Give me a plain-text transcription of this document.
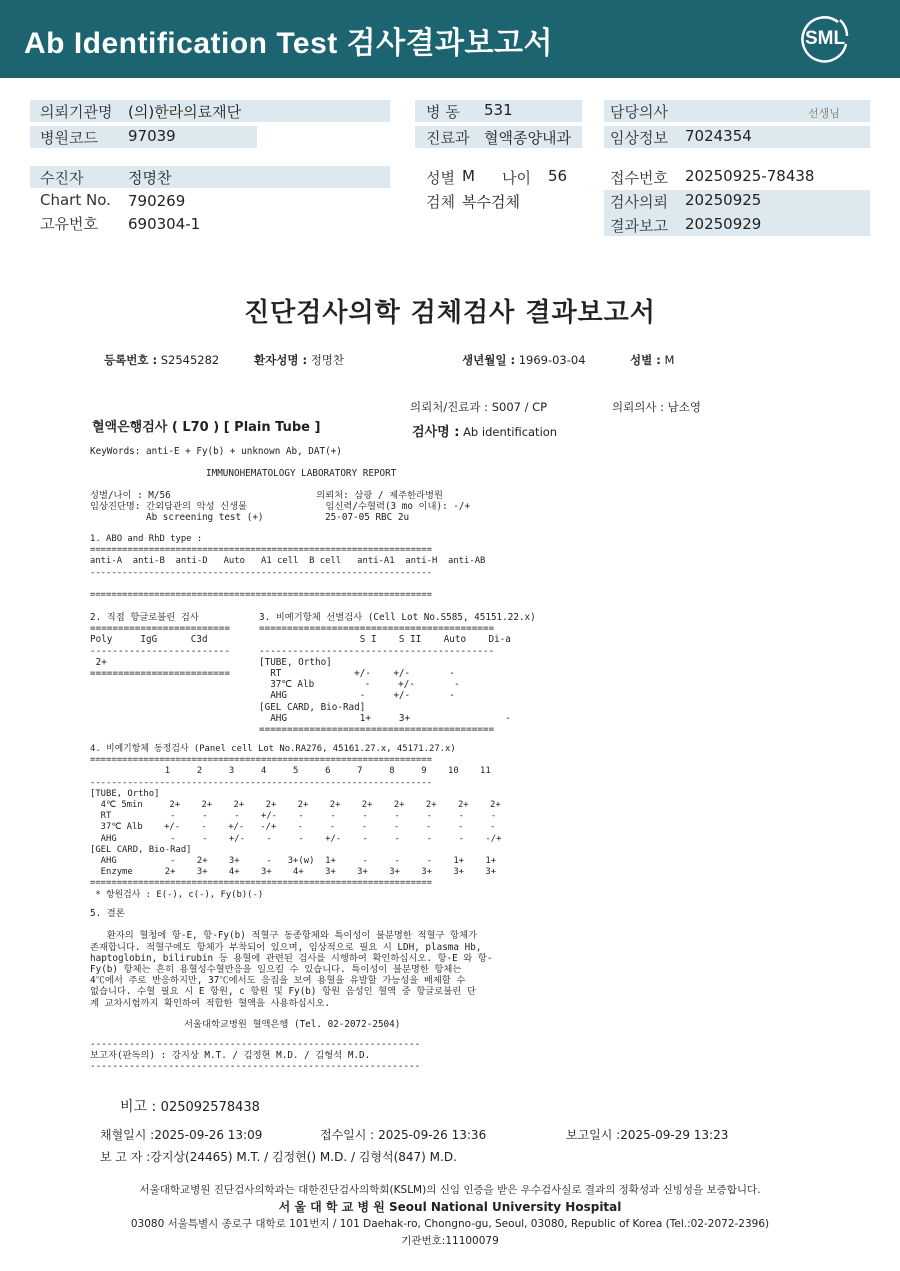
Ab Identification Test 검사결과보고서	SML
의뢰기관명 (의)한라의료재단
병원코드 97039
수진자	정명찬
Chart No. 790269
고유번호 690304-1
병 동 531
진료과 혈액종양내과
성별 M 나이 56
검체 복수검체
담당의사	선생님
임상정보 7024354
접수번호 20250925-78438
검사의뢰 20250925
결과보고 20250929
진단검사의학 검체검사 결과보고서
등록번호 : S2545282	환자성명 : 정명찬	생년월일 : 1969-03-04	성별 : M
의뢰처/진료과 : S007 / CP	의뢰의사 : 남소영
혈액은행검사 ( L70 ) [ Plain Tube ]	검사명 : Ab identification
KeyWords: anti-E + Fy(b) + unknown Ab, DAT(+)
IMMUNOHEMATOLOGY LABORATORY REPORT
성별/나이 : M/56                          의뢰처: 삼광 / 제주한라병원
임상진단명: 간외담관의 악성 신생물              임신력/수혈력(3 mo 이내): -/+
Ab screening test (+)           25-07-05 RBC 2u
1. ABO and RhD type :
================================================================
anti-A  anti-B  anti-D   Auto   A1 cell  B cell   anti-A1  anti-H  anti-AB
----------------------------------------------------------------

================================================================
2. 직접 항글로불린 검사
=========================
Poly     IgG      C3d
-------------------------
2+
=========================
3. 비예기항체 선별검사 (Cell Lot No.S585, 45151.22.x)
==========================================
S I    S II    Auto    Di-a
------------------------------------------
[TUBE, Ortho]
RT             +/-    +/-       -
37℃ Alb         -     +/-       -
AHG             -     +/-       -
[GEL CARD, Bio-Rad]
AHG             1+     3+                 -
==========================================
4. 비예기항체 동정검사 (Panel cell Lot No.RA276, 45161.27.x, 45171.27.x)
================================================================
1     2     3     4     5     6     7     8     9    10    11
----------------------------------------------------------------
[TUBE, Ortho]
4℃ 5min     2+    2+    2+    2+    2+    2+    2+    2+    2+    2+    2+
RT           -     -     -    +/-    -     -     -     -     -     -     -
37℃ Alb    +/-    -    +/-   -/+    -     -     -     -     -     -     -
AHG          -     -    +/-    -     -    +/-    -     -     -     -    -/+
[GEL CARD, Bio-Rad]
AHG          -    2+    3+     -   3+(w)  1+     -     -     -    1+    1+
Enzyme      2+    3+    4+    3+    4+    3+    3+    3+    3+    3+    3+
================================================================
* 항원검사 : E(-), c(-), Fy(b)(-)
5. 결론

환자의 혈청에 항-E, 항-Fy(b) 적혈구 동종항체와 특이성이 불분명한 적혈구 항체가
존재합니다. 적혈구에도 항체가 부착되어 있으며, 임상적으로 필요 시 LDH, plasma Hb,
haptoglobin, bilirubin 등 용혈에 관련된 검사를 시행하여 확인하십시오. 항-E 와 항-
Fy(b) 항체는 흔히 용혈성수혈반응을 일으킬 수 있습니다. 특이성이 불분명한 항체는
4℃에서 주로 반응하지만, 37℃에서도 응집을 보여 용혈을 유발할 가능성을 배제할 수
없습니다. 수혈 필요 시 E 항원, c 항원 및 Fy(b) 항원 음성인 혈액 중 항글로불린 단
계 교차시험까지 확인하여 적합한 혈액을 사용하십시오.
서울대학교병원 혈액은행 (Tel. 02-2072-2504)
-----------------------------------------------------------
보고자(판독의) : 강지상 M.T. / 김정현 M.D. / 김형석 M.D.
-----------------------------------------------------------
비고 : 025092578438
채혈일시 :2025-09-26 13:09	접수일시 : 2025-09-26 13:36	보고일시 :2025-09-29 13:23
보 고 자 :강지상(24465) M.T. / 김정현() M.D. / 김형석(847) M.D.
서울대학교병원 진단검사의학과는 대한진단검사의학회(KSLM)의 신임 인증을 받은 우수검사실로 결과의 정확성과 신빙성을 보증합니다.
서 울 대 학 교 병 원 Seoul National University Hospital
03080 서울특별시 종로구 대학로 101번지 / 101 Daehak-ro, Chongno-gu, Seoul, 03080, Republic of Korea (Tel.:02-2072-2396)
기관번호:11100079
